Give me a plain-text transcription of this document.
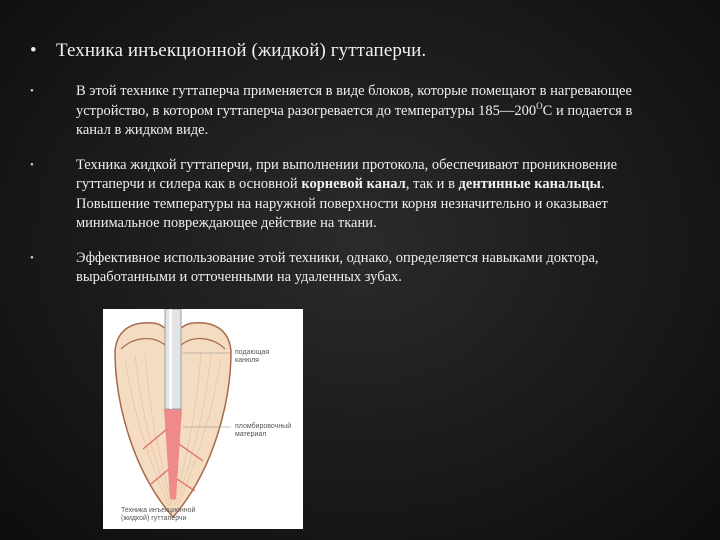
•	Техника инъекционной (жидкой) гуттаперчи.
•	В этой технике гуттаперча применяется в виде блоков, которые помещают в нагревающее устройство, в котором гуттаперча разогревается до температуры $185—200^ОС$ и подается в канал в жидком виде.
•	Техника жидкой гуттаперчи, при выполнении протокола, обеспечивают проникновение гуттаперчи и силера как в основной корневой канал, так и в дентинные канальцы. Повышение температуры на наружной поверхности корня незначительно и оказывает минимальное повреждающее действие на ткани.
•	Эффективное использование этой техники, однако, определяется навыками доктора, выработанными и отточенными на удаленных зубах.
подающая
канюля
пломбировочный
материал
Техника инъекционной
(жидкой) гуттаперчи
